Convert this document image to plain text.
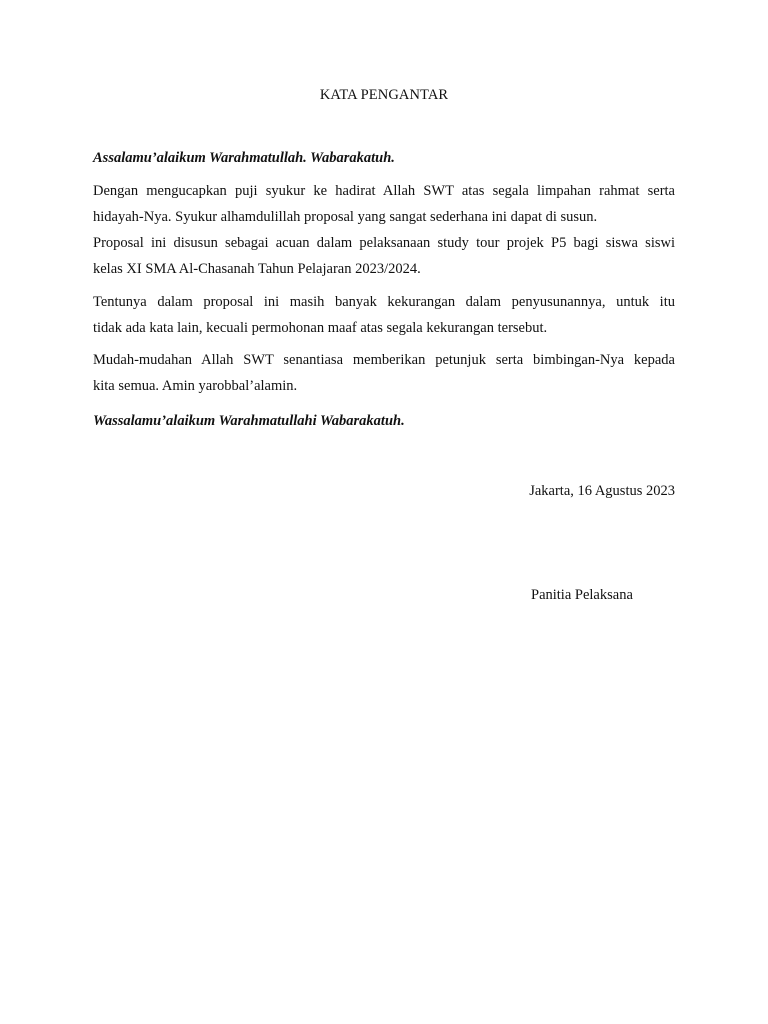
KATA PENGANTAR
Assalamu’alaikum Warahmatullah. Wabarakatuh.
Dengan mengucapkan puji syukur ke hadirat Allah SWT atas segala limpahan rahmat serta
hidayah-Nya. Syukur alhamdulillah proposal yang sangat sederhana ini dapat di susun.
Proposal ini disusun sebagai acuan dalam pelaksanaan study tour projek P5 bagi siswa siswi
kelas XI SMA Al-Chasanah Tahun Pelajaran 2023/2024.
Tentunya dalam proposal ini masih banyak kekurangan dalam penyusunannya, untuk itu
tidak ada kata lain, kecuali permohonan maaf atas segala kekurangan tersebut.
Mudah-mudahan Allah SWT senantiasa memberikan petunjuk serta bimbingan-Nya kepada
kita semua. Amin yarobbal’alamin.
Wassalamu’alaikum Warahmatullahi Wabarakatuh.
Jakarta, 16 Agustus 2023
Panitia Pelaksana
